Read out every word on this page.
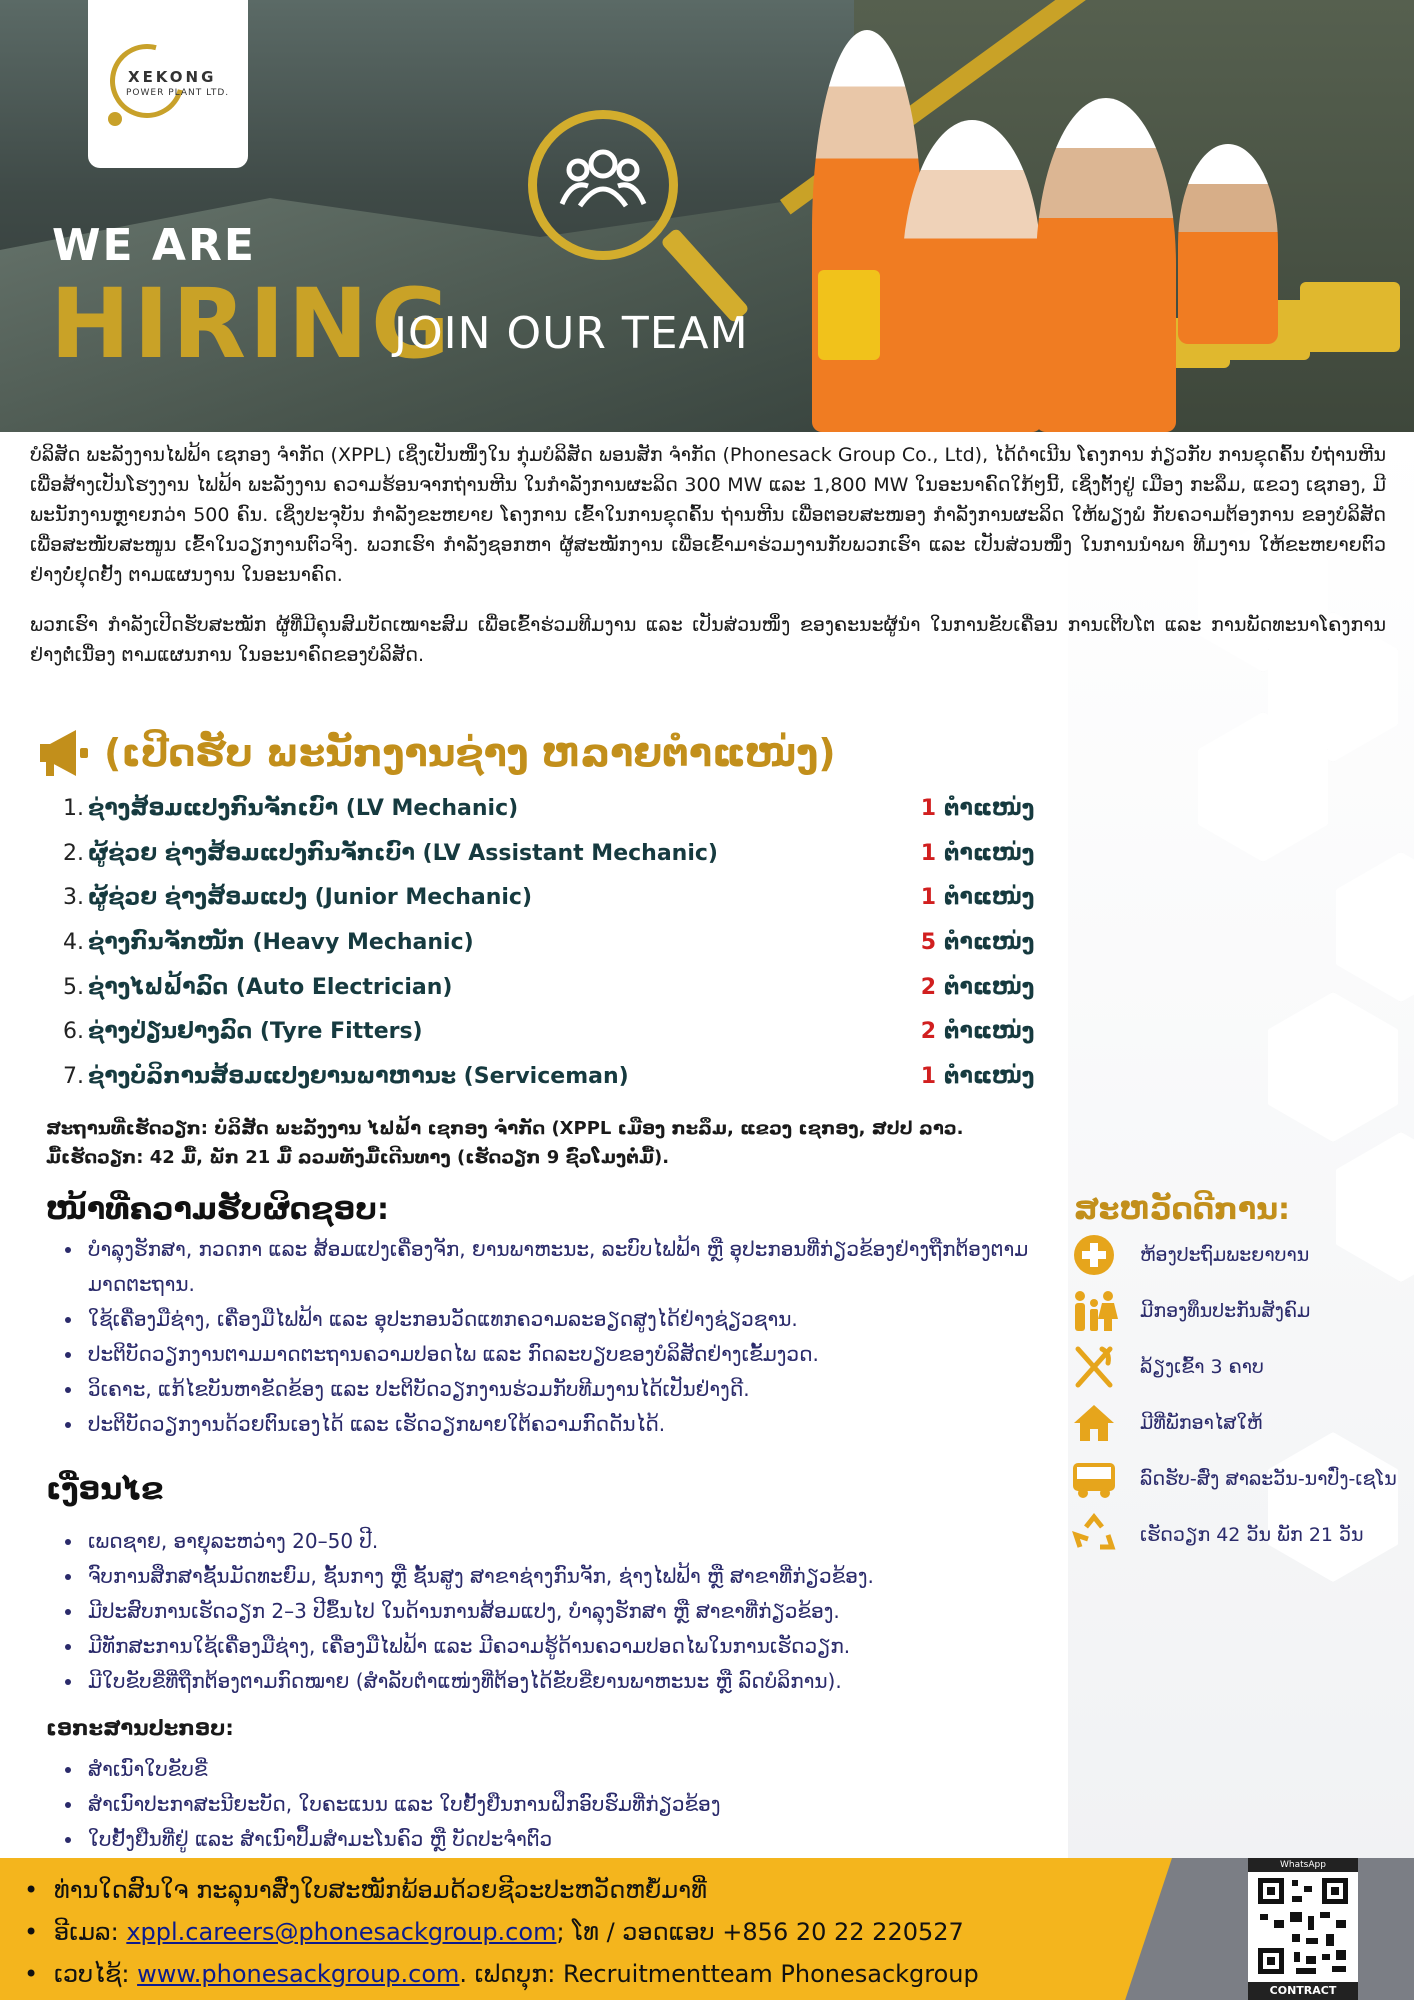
XEKONG
POWER PLANT LTD.
WE ARE
HIRING
JOIN OUR TEAM

ບໍລິສັດ ພະລັງງານໄຟຟ້າ ເຊກອງ ຈຳກັດ (XPPL) ເຊິ່ງເປັນໜຶ່ງໃນ ກຸ່ມບໍລິສັດ ພອນສັກ ຈຳກັດ (Phonesack Group Co., Ltd), ໄດ້ດຳເນີນ ໂຄງການ ກ່ຽວກັບ ການຂຸດຄົ້ນ ບໍ່ຖ່ານຫີນ ເພື່ອສ້າງເປັນໂຮງງານ ໄຟຟ້າ ພະລັງງານ ຄວາມຮ້ອນຈາກຖ່ານຫີນ ໃນກຳລັງການຜະລິດ 300 MW ແລະ 1,800 MW ໃນອະນາຄົດໃກ້ໆນີ້, ເຊິ່ງຕັ້ງຢູ່ ເມືອງ ກະລຶມ, ແຂວງ ເຊກອງ, ມີພະນັກງານຫຼາຍກວ່າ 500 ຄົນ. ເຊິ່ງປະຈຸບັນ ກຳລັງຂະຫຍາຍ ໂຄງການ ເຂົ້າໃນການຂຸດຄົ້ນ ຖ່ານຫີນ ເພື່ອຕອບສະໜອງ ກຳລັງການຜະລິດ ໃຫ້ພຽງພໍ ກັບຄວາມຕ້ອງການ ຂອງບໍລິສັດ ເພື່ອສະໜັບສະໜູນ ເຂົ້າໃນວຽກງານຕົວຈິງ. ພວກເຮົາ ກຳລັງຊອກຫາ ຜູ້ສະໝັກງານ ເພື່ອເຂົ້າມາຮ່ວມງານກັບພວກເຮົາ ແລະ ເປັນສ່ວນໜຶ່ງ ໃນການນຳພາ ທີມງານ ໃຫ້ຂະຫຍາຍຕົວ ຢ່າງບໍ່ຢຸດຢັ້ງ ຕາມແຜນງານ ໃນອະນາຄົດ.

ພວກເຮົາ ກຳລັງເປີດຮັບສະໝັກ ຜູ້ທີ່ມີຄຸນສົມບັດເໝາະສົມ ເພື່ອເຂົ້າຮ່ວມທີມງານ ແລະ ເປັນສ່ວນໜຶ່ງ ຂອງຄະນະຜູ້ນຳ ໃນການຂັບເຄື່ອນ ການເຕີບໂຕ ແລະ ການພັດທະນາໂຄງການ ຢ່າງຕໍ່ເນື່ອງ ຕາມແຜນການ ໃນອະນາຄົດຂອງບໍລິສັດ.

(ເປີດຮັບ ພະນັກງານຊ່າງ ຫລາຍຕຳແໜ່ງ)
1. ຊ່າງສ້ອມແປງກົນຈັກເບົາ (LV Mechanic)	1 ຕຳແໜ່ງ
2. ຜູ້ຊ່ວຍ ຊ່າງສ້ອມແປງກົນຈັກເບົາ (LV Assistant Mechanic)	1 ຕຳແໜ່ງ
3. ຜູ້ຊ່ວຍ ຊ່າງສ້ອມແປງ (Junior Mechanic)	1 ຕຳແໜ່ງ
4. ຊ່າງກົນຈັກໜັກ (Heavy Mechanic)	5 ຕຳແໜ່ງ
5. ຊ່າງໄຟຟ້າລົດ (Auto Electrician)	2 ຕຳແໜ່ງ
6. ຊ່າງປ່ຽນຢາງລົດ (Tyre Fitters)	2 ຕຳແໜ່ງ
7. ຊ່າງບໍລິການສ້ອມແປງຍານພາຫານະ (Serviceman)	1 ຕຳແໜ່ງ
ສະຖານທີ່ເຮັດວຽກ: ບໍລິສັດ ພະລັງງານ ໄຟຟ້າ ເຊກອງ ຈຳກັດ (XPPL ເມືອງ ກະລຶມ, ແຂວງ ເຊກອງ, ສປປ ລາວ.
ມື້ເຮັດວຽກ: 42 ມື້, ພັກ 21 ມື້ ລວມທັງມື້ເດີນທາງ (ເຮັດວຽກ 9 ຊົ່ວໂມງຕໍ່ມື້).
ໜ້າທີ່ຄວາມຮັບຜິດຊອບ:
• ບຳລຸງຮັກສາ, ກວດກາ ແລະ ສ້ອມແປງເຄື່ອງຈັກ, ຍານພາຫະນະ, ລະບົບໄຟຟ້າ ຫຼື ອຸປະກອນທີ່ກ່ຽວຂ້ອງຢ່າງຖືກຕ້ອງຕາມມາດຕະຖານ.
• ໃຊ້ເຄື່ອງມືຊ່າງ, ເຄື່ອງມືໄຟຟ້າ ແລະ ອຸປະກອນວັດແທກຄວາມລະອຽດສູງໄດ້ຢ່າງຊ່ຽວຊານ.
• ປະຕິບັດວຽກງານຕາມມາດຕະຖານຄວາມປອດໄພ ແລະ ກົດລະບຽບຂອງບໍລິສັດຢ່າງເຂັ້ມງວດ.
• ວິເຄາະ, ແກ້ໄຂບັນຫາຂັດຂ້ອງ ແລະ ປະຕິບັດວຽກງານຮ່ວມກັບທີມງານໄດ້ເປັນຢ່າງດີ.
• ປະຕິບັດວຽກງານດ້ວຍຕົນເອງໄດ້ ແລະ ເຮັດວຽກພາຍໃຕ້ຄວາມກົດດັນໄດ້.
ເງື່ອນໄຂ
• ເພດຊາຍ, ອາຍຸລະຫວ່າງ 20–50 ປີ.
• ຈົບການສຶກສາຊັ້ນມັດທະຍົມ, ຊັ້ນກາງ ຫຼື ຊັ້ນສູງ ສາຂາຊ່າງກົນຈັກ, ຊ່າງໄຟຟ້າ ຫຼື ສາຂາທີ່ກ່ຽວຂ້ອງ.
• ມີປະສົບການເຮັດວຽກ 2–3 ປີຂຶ້ນໄປ ໃນດ້ານການສ້ອມແປງ, ບຳລຸງຮັກສາ ຫຼື ສາຂາທີ່ກ່ຽວຂ້ອງ.
• ມີທັກສະການໃຊ້ເຄື່ອງມືຊ່າງ, ເຄື່ອງມືໄຟຟ້າ ແລະ ມີຄວາມຮູ້ດ້ານຄວາມປອດໄພໃນການເຮັດວຽກ.
• ມີໃບຂັບຂີ່ທີ່ຖືກຕ້ອງຕາມກົດໝາຍ (ສຳລັບຕຳແໜ່ງທີ່ຕ້ອງໄດ້ຂັບຂີ່ຍານພາຫະນະ ຫຼື ລົດບໍລິການ).
ເອກະສານປະກອບ:
• ສຳເນົາໃບຂັບຂີ່
• ສຳເນົາປະກາສະນີຍະບັດ, ໃບຄະແນນ ແລະ ໃບຢັ້ງຢືນການຝຶກອົບຮົມທີ່ກ່ຽວຂ້ອງ
• ໃບຢັ້ງຢືນທີ່ຢູ່ ແລະ ສຳເນົາປຶ້ມສຳມະໂນຄົວ ຫຼື ບັດປະຈຳຕົວ
ສະຫວັດດີການ:
ຫ້ອງປະຖົມພະຍາບານ
ມີກອງທຶນປະກັນສັງຄົມ
ລ້ຽງເຂົ້າ 3 ຄາບ
ມີທີ່ພັກອາໄສໃຫ້
ລົດຮັບ-ສົ່ງ ສາລະວັນ-ນາປົ່ງ-ເຊໂນ
ເຮັດວຽກ 42 ວັນ ພັກ 21 ວັນ
• ທ່ານໃດສົນໃຈ ກະລຸນາສົ່ງໃບສະໝັກພ້ອມດ້ວຍຊີວະປະຫວັດຫຍໍ້ມາທີ່
• ອີເມລ: xppl.careers@phonesackgroup.com; ໂທ / ວອດແອບ +856 20 22 220527
• ເວບໄຊ້: www.phonesackgroup.com. ເຟດບຸກ: Recruitmentteam Phonesackgroup
WhatsApp
CONTRACT
